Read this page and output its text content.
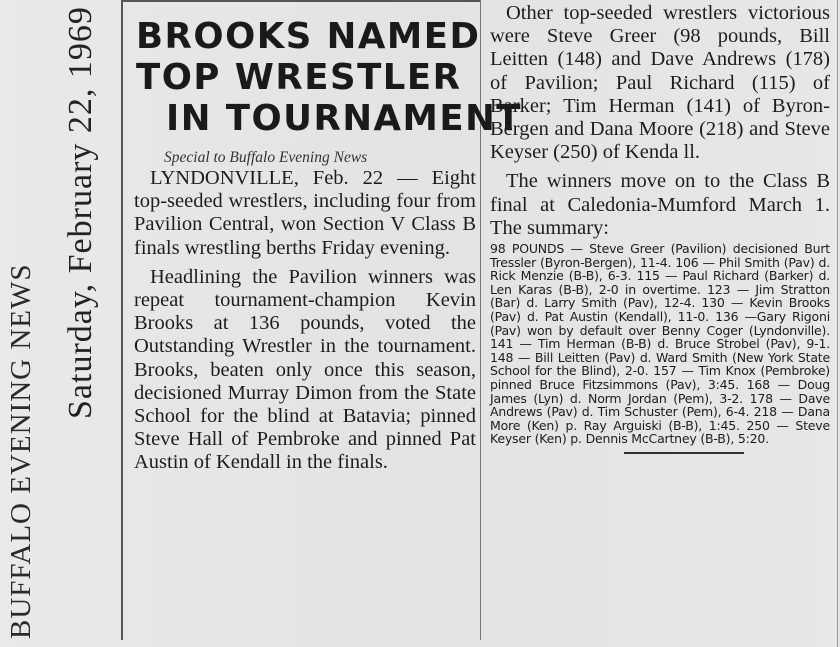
BUFFALO EVENING NEWS
Saturday, February 22, 1969 BROOKS NAMED
TOP WRESTLER
IN TOURNAMENT
Special to Buffalo Evening News

LYNDONVILLE, Feb. 22 — Eight top-seeded wrestlers, including four from Pavilion Central, won Section V Class B finals wrestling berths Friday evening.

Headlining the Pavilion winners was repeat tournament-champion Kevin Brooks at 136 pounds, voted the Outstanding Wrestler in the tournament. Brooks, beaten only once this season, decisioned Murray Dimon from the State School for the blind at Batavia; pinned Steve Hall of Pembroke and pinned Pat Austin of Kendall in the finals.

Other top-seeded wrestlers victorious were Steve Greer (98 pounds, Bill Leitten (148) and Dave Andrews (178) of Pavilion; Paul Richard (115) of Barker; Tim Herman (141) of Byron-Bergen and Dana Moore (218) and Steve Keyser (250) of Kenda ll.

The winners move on to the Class B final at Caledonia-Mumford March 1. The summary:

98 POUNDS — Steve Greer (Pavilion) decisioned Burt Tressler (Byron-Bergen), 11-4. 106 — Phil Smith (Pav) d. Rick Menzie (B-B), 6-3. 115 — Paul Richard (Barker) d. Len Karas (B-B), 2-0 in overtime. 123 — Jim Stratton (Bar) d. Larry Smith (Pav), 12-4. 130 — Kevin Brooks (Pav) d. Pat Austin (Kendall), 11-0. 136 —Gary Rigoni (Pav) won by default over Benny Coger (Lyndonville). 141 — Tim Herman (B-B) d. Bruce Strobel (Pav), 9-1. 148 — Bill Leitten (Pav) d. Ward Smith (New York State School for the Blind), 2-0. 157 — Tim Knox (Pembroke) pinned Bruce Fitzsimmons (Pav), 3:45. 168 — Doug James (Lyn) d. Norm Jordan (Pem), 3-2. 178 — Dave Andrews (Pav) d. Tim Schuster (Pem), 6-4. 218 — Dana More (Ken) p. Ray Arguiski (B-B), 1:45. 250 — Steve Keyser (Ken) p. Dennis McCartney (B-B), 5:20.
